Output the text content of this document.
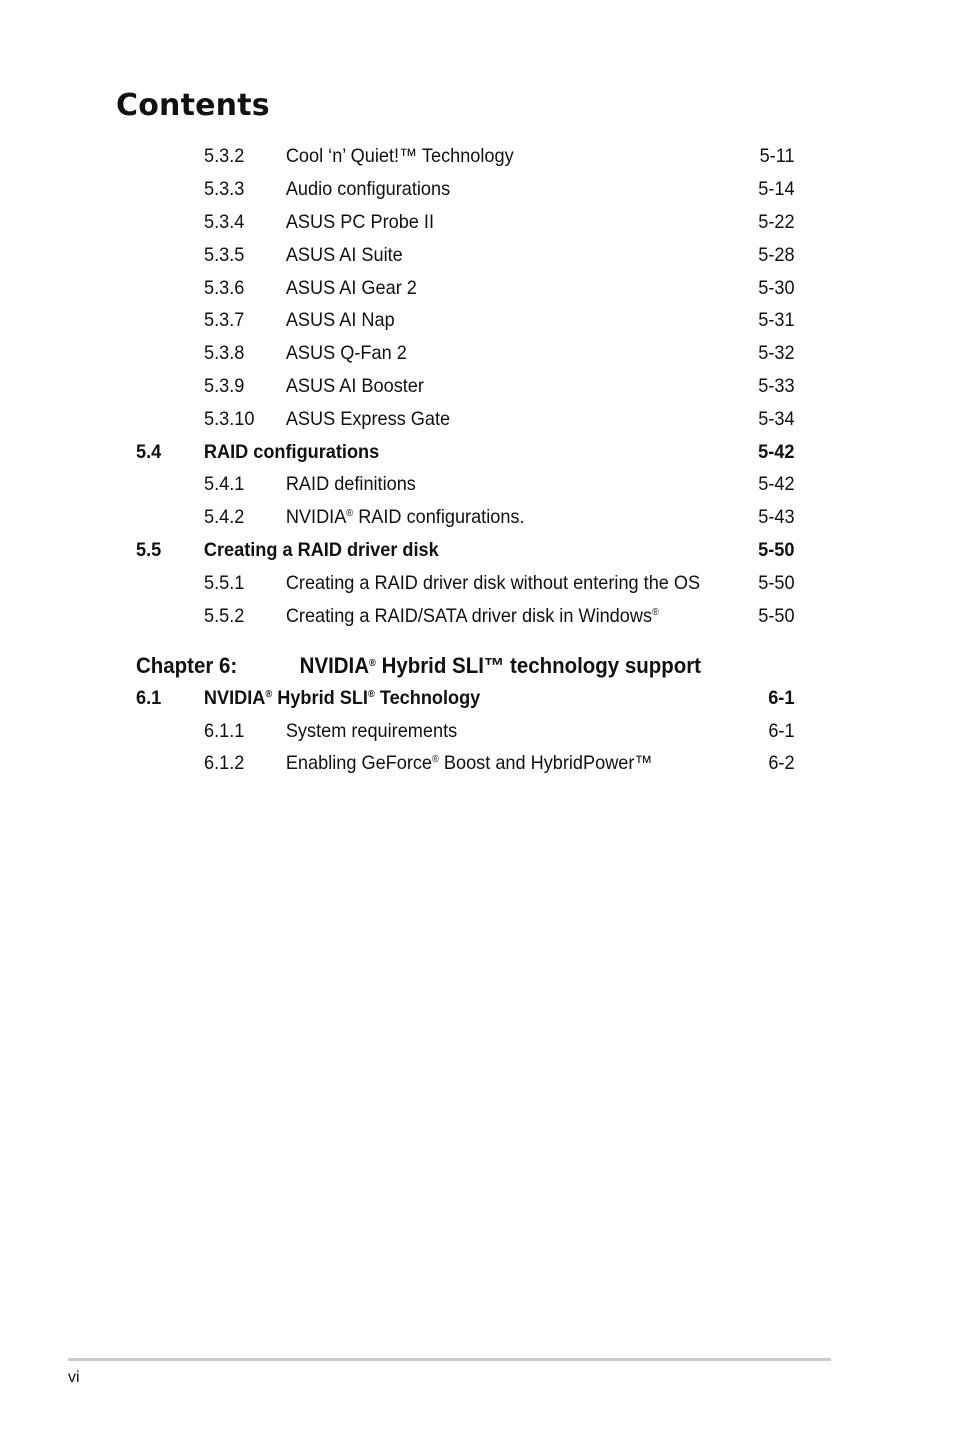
Contents
5.3.2	Cool ‘n’ Quiet!™ Technology	5-11
5.3.3	Audio configurations	5-14
5.3.4	ASUS PC Probe II	5-22
5.3.5	ASUS AI Suite	5-28
5.3.6	ASUS AI Gear 2	5-30
5.3.7	ASUS AI Nap	5-31
5.3.8	ASUS Q-Fan 2	5-32
5.3.9	ASUS AI Booster	5-33
5.3.10	ASUS Express Gate	5-34
5.4	RAID configurations	5-42
5.4.1	RAID definitions	5-42
5.4.2	NVIDIA® RAID configurations.	5-43
5.5	Creating a RAID driver disk	5-50
5.5.1	Creating a RAID driver disk without entering the OS	5-50
5.5.2	Creating a RAID/SATA driver disk in Windows®	5-50
Chapter 6:	NVIDIA® Hybrid SLI™ technology support
6.1	NVIDIA® Hybrid SLI® Technology	6-1
6.1.1	System requirements	6-1
6.1.2	Enabling GeForce® Boost and HybridPower™	6-2
vi
